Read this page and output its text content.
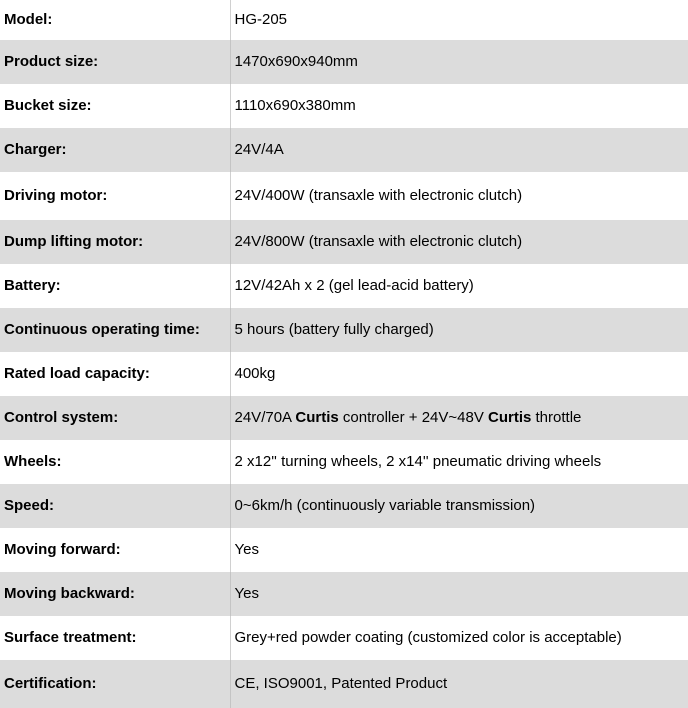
Model:	HG-205
Product size:	1470x690x940mm
Bucket size:	1110x690x380mm
Charger:	24V/4A
Driving motor:	24V/400W (transaxle with electronic clutch)
Dump lifting motor:	24V/800W (transaxle with electronic clutch)
Battery:	12V/42Ah x 2 (gel lead-acid battery)
Continuous operating time:	5 hours (battery fully charged)
Rated load capacity:	400kg
Control system:	24V/70A Curtis controller + 24V~48V Curtis throttle
Wheels:	2 x12'' turning wheels, 2 x14'' pneumatic driving wheels
Speed:	0~6km/h (continuously variable transmission)
Moving forward:	Yes
Moving backward:	Yes
Surface treatment:	Grey+red powder coating (customized color is acceptable)
Certification:	CE, ISO9001, Patented Product
